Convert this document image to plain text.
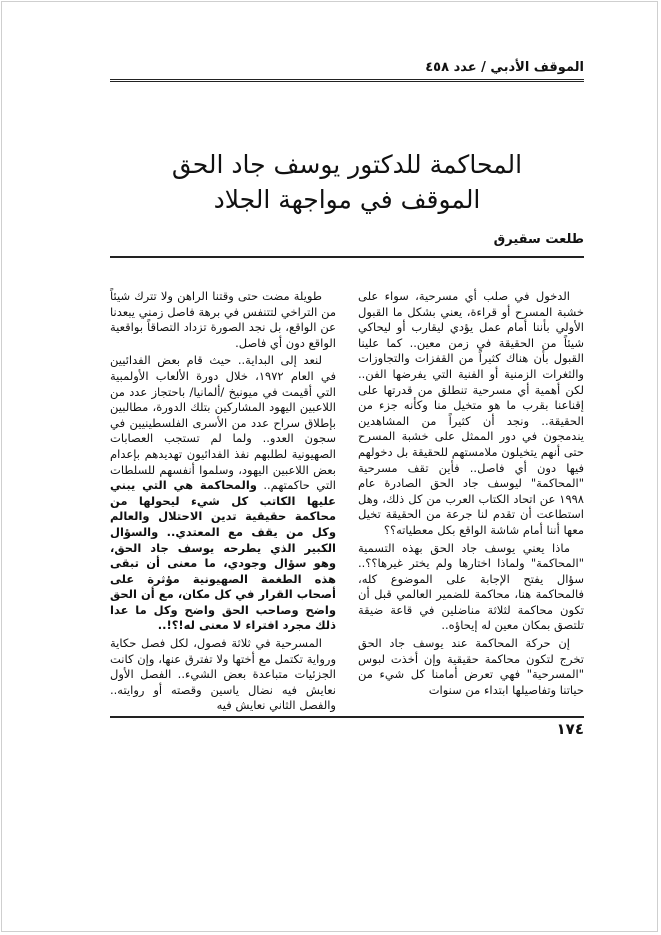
الموقف الأدبي / عدد ٤٥٨
المحاكمة للدكتور يوسف جاد الحق
الموقف في مواجهة الجلاد
طلعت سقيرق

الدخول في صلب أي مسرحية، سواء على خشبة المسرح أو قراءة، يعني بشكل ما القبول الأولي بأننا أمام عمل يؤدي ليقارب أو ليحاكي شيئاً من الحقيقة في زمن معين.. كما علينا القبول بأن هناك كثيراً من القفزات والتجاوزات والثغرات الزمنية أو الفنية التي يفرضها الفن.. لكن أهمية أي مسرحية تنطلق من قدرتها على إقناعنا بقرب ما هو متخيل منا وكأنه جزء من الحقيقة.. ونجد أن كثيراً من المشاهدين يندمجون في دور الممثل على خشبة المسرح حتى أنهم يتخيلون ملامستهم للحقيقة بل دخولهم فيها دون أي فاصل.. فأين تقف مسرحية "المحاكمة" ليوسف جاد الحق الصادرة عام ١٩٩٨ عن اتحاد الكتاب العرب من كل ذلك، وهل استطاعت أن تقدم لنا جرعة من الحقيقة تخيل معها أننا أمام شاشة الواقع بكل معطياته؟؟

ماذا يعني يوسف جاد الحق بهذه التسمية "المحاكمة" ولماذا اختارها ولم يختر غيرها؟؟.. سؤال يفتح الإجابة على الموضوع كله، فالمحاكمة هنا، محاكمة للضمير العالمي قبل أن تكون محاكمة لثلاثة مناضلين في قاعة ضيقة تلتصق بمكان معين له إيحاؤه..

إن حركة المحاكمة عند يوسف جاد الحق تخرج لتكون محاكمة حقيقية وإن أخذت لبوس "المسرحية" فهي تعرض أمامنا كل شيء من حياتنا وتفاصيلها ابتداء من سنوات

طويلة مضت حتى وقتنا الراهن ولا تترك شيئاً من التراخي لتتنفس في برهة فاصل زمني يبعدنا عن الواقع، بل نجد الصورة تزداد التصاقاً بواقعية الواقع دون أي فاصل.

لنعد إلى البداية.. حيث قام بعض الفدائيين في العام ١٩٧٢، خلال دورة الألعاب الأولمبية التي أقيمت في ميونيخ /ألمانيا/ باحتجاز عدد من اللاعبين اليهود المشاركين بتلك الدورة، مطالبين بإطلاق سراح عدد من الأسرى الفلسطينيين في سجون العدو.. ولما لم تستجب العصابات الصهيونية لطلبهم نفذ الفدائيون تهديدهم بإعدام بعض اللاعبين اليهود، وسلموا أنفسهم للسلطات التي حاكمتهم.. والمحاكمة هي التي يبني عليها الكاتب كل شيء ليحولها من محاكمة حقيقية تدين الاحتلال والعالم وكل من يقف مع المعتدي.. والسؤال الكبير الذي يطرحه يوسف جاد الحق، وهو سؤال وجودي، ما معنى أن تبقى هذه الطغمة الصهيونية مؤثرة على أصحاب القرار في كل مكان، مع أن الحق واضح وصاحب الحق واضح وكل ما عدا ذلك مجرد افتراء لا معنى له!؟!..

المسرحية في ثلاثة فصول، لكل فصل حكاية ورواية تكتمل مع أختها ولا تفترق عنها، وإن كانت الجزئيات متباعدة بعض الشيء.. الفصل الأول نعايش فيه نضال ياسين وقصته أو روايته.. والفصل الثاني نعايش فيه

١٧٤
